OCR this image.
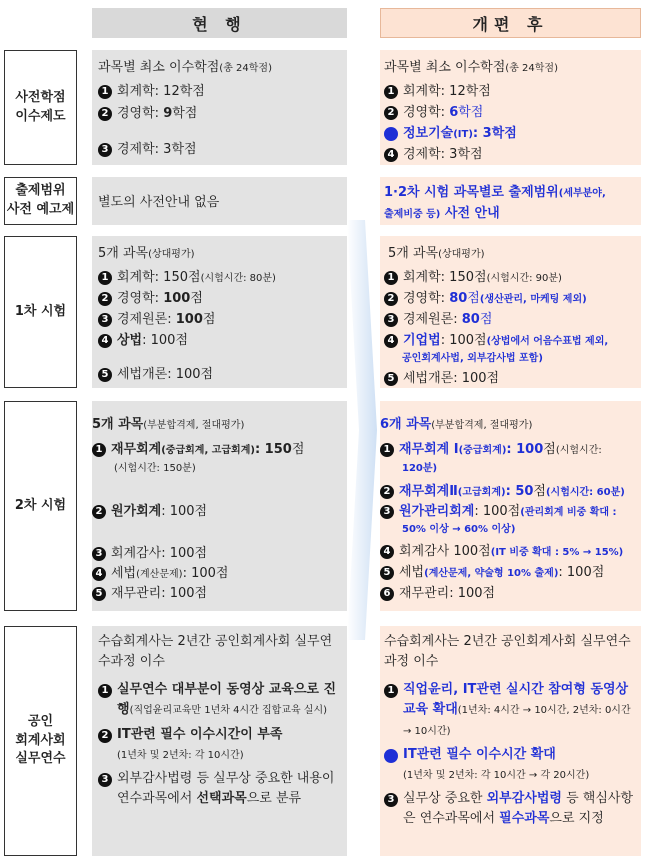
현 행	개편 후
사전학점
이수제도
출제범위
사전 예고제
1차 시험
2차 시험
공인
회계사회
실무연수
과목별 최소 이수학점(총 24학점)
1 회계학: 12학점
2 경영학: 9학점
3 경제학: 3학점
과목별 최소 이수학점(총 24학점)
1 회계학: 12학점
2 경영학: 6학점
3 정보기술(IT): 3학점
4 경제학: 3학점
별도의 사전안내 없음
1·2차 시험 과목별로 출제범위(세부분야,
출제비중 등) 사전 안내
5개 과목(상대평가)
1 회계학: 150점(시험시간: 80분)
2 경영학: 100점
3 경제원론: 100점
4 상법: 100점
5 세법개론: 100점
5개 과목(상대평가)
1 회계학: 150점(시험시간: 90분)
2 경영학: 80점(생산관리, 마케팅 제외)
3 경제원론: 80점
4 기업법: 100점(상법에서 어음수표법 제외,
공인회계사법, 외부감사법 포함)
5 세법개론: 100점
5개 과목(부분합격제, 절대평가)
1 재무회계(중급회계, 고급회계): 150점
(시험시간: 150분)
2 원가회계: 100점
3 회계감사: 100점
4 세법(계산문제): 100점
5 재무관리: 100점
6개 과목(부분합격제, 절대평가)
1 재무회계 Ⅰ(중급회계): 100점(시험시간:
120분)
2 재무회계Ⅱ(고급회계): 50점(시험시간: 60분)
3 원가관리회계: 100점(관리회계 비중 확대 :
50% 이상 → 60% 이상)
4 회계감사 100점(IT 비중 확대 : 5% → 15%)
5 세법(계산문제, 약술형 10% 출제): 100점
6 재무관리: 100점
수습회계사는 2년간 공인회계사회 실무연수과정 이수
1 실무연수 대부분이 동영상 교육으로 진행(직업윤리교육만 1년차 4시간 집합교육 실시)
2 IT관련 필수 이수시간이 부족
(1년차 및 2년차: 각 10시간)
3 외부감사법령 등 실무상 중요한 내용이 연수과목에서 선택과목으로 분류
수습회계사는 2년간 공인회계사회 실무연수과정 이수
1 직업윤리, IT관련 실시간 참여형 동영상 교육 확대(1년차: 4시간 → 10시간, 2년차: 0시간 → 10시간)
2 IT관련 필수 이수시간 확대
(1년차 및 2년차: 각 10시간 → 각 20시간)
3 실무상 중요한 외부감사법령 등 핵심사항은 연수과목에서 필수과목으로 지정
